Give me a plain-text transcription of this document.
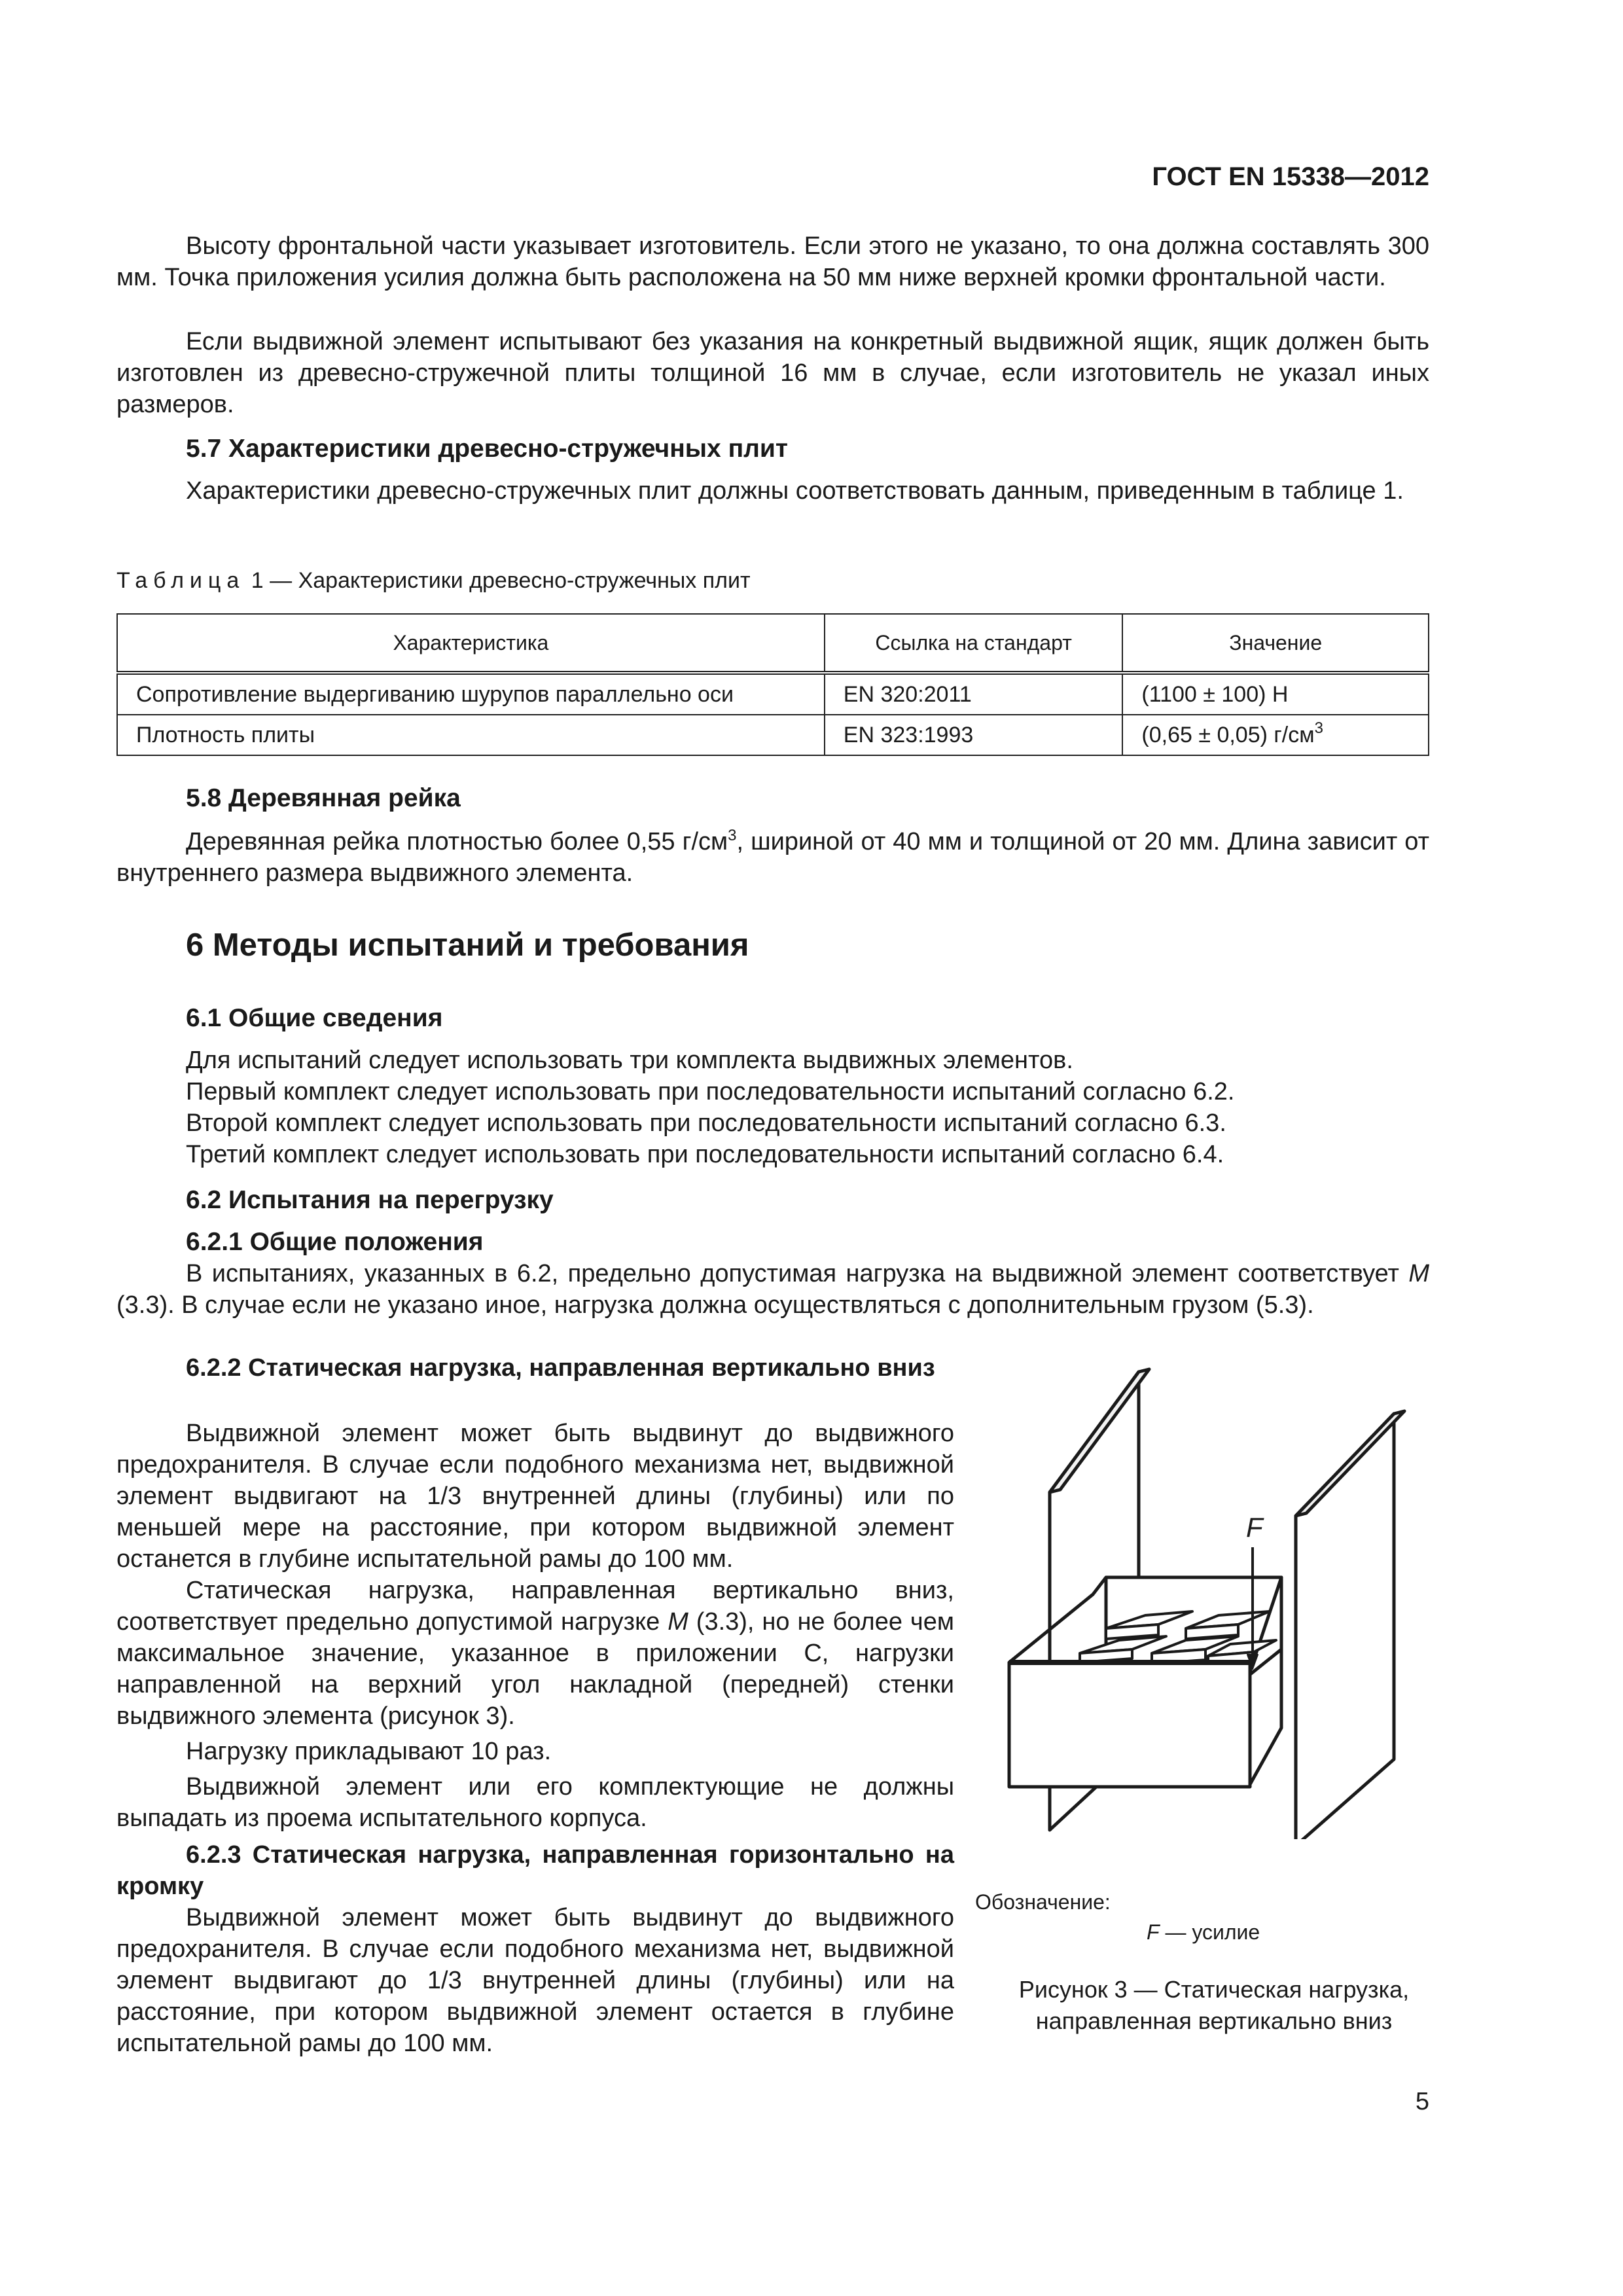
ГОСТ EN 15338—2012
Высоту фронтальной части указывает изготовитель. Если этого не указано, то она должна составлять 300 мм. Точка приложения усилия должна быть расположена на 50 мм ниже верхней кромки фронтальной части.
Если выдвижной элемент испытывают без указания на конкретный выдвижной ящик, ящик должен быть изготовлен из древесно-стружечной плиты толщиной 16 мм в случае, если изготовитель не указал иных размеров.
5.7 Характеристики древесно-стружечных плит
Характеристики древесно-стружечных плит должны соответствовать данным, приведенным в таблице 1.
Таблица 1 — Характеристики древесно-стружечных плит
Характеристика	Ссылка на стандарт	Значение
Сопротивление выдергиванию шурупов параллельно оси	EN 320:2011	(1100 ± 100) Н
Плотность плиты	EN 323:1993	(0,65 ± 0,05) $г/см^3$
5.8 Деревянная рейка
Деревянная рейка плотностью более 0,55 $г/см^3$, шириной от 40 мм и толщиной от 20 мм. Длина зависит от внутреннего размера выдвижного элемента.
6 Методы испытаний и требования
6.1 Общие сведения
Для испытаний следует использовать три комплекта выдвижных элементов.
Первый комплект следует использовать при последовательности испытаний согласно 6.2.
Второй комплект следует использовать при последовательности испытаний согласно 6.3.
Третий комплект следует использовать при последовательности испытаний согласно 6.4.
6.2 Испытания на перегрузку
6.2.1 Общие положения
В испытаниях, указанных в 6.2, предельно допустимая нагрузка на выдвижной элемент соответствует M (3.3). В случае если не указано иное, нагрузка должна осуществляться с дополнительным грузом (5.3).
6.2.2 Статическая нагрузка, направленная вертикально вниз
Выдвижной элемент может быть выдвинут до выдвижного предохранителя. В случае если подобного механизма нет, выдвижной элемент выдвигают на 1/3 внутренней длины (глубины) или по меньшей мере на расстояние, при котором выдвижной элемент останется в глубине испытательной рамы до 100 мм.
Статическая нагрузка, направленная вертикально вниз, соответствует предельно допустимой нагрузке M (3.3), но не более чем максимальное значение, указанное в приложении С, нагрузки направленной на верхний угол накладной (передней) стенки выдвижного элемента (рисунок 3).
Нагрузку прикладывают 10 раз.
Выдвижной элемент или его комплектующие не должны выпадать из проема испытательного корпуса.
6.2.3 Статическая нагрузка, направленная горизонтально на кромку
Выдвижной элемент может быть выдвинут до выдвижного предохранителя. В случае если подобного механизма нет, выдвижной элемент выдвигают до 1/3 внутренней длины (глубины) или на расстояние, при котором выдвижной элемент остается в глубине испытательной рамы до 100 мм.
F
Обозначение:
F — усилие
Рисунок 3 — Статическая нагрузка,
направленная вертикально вниз
5
